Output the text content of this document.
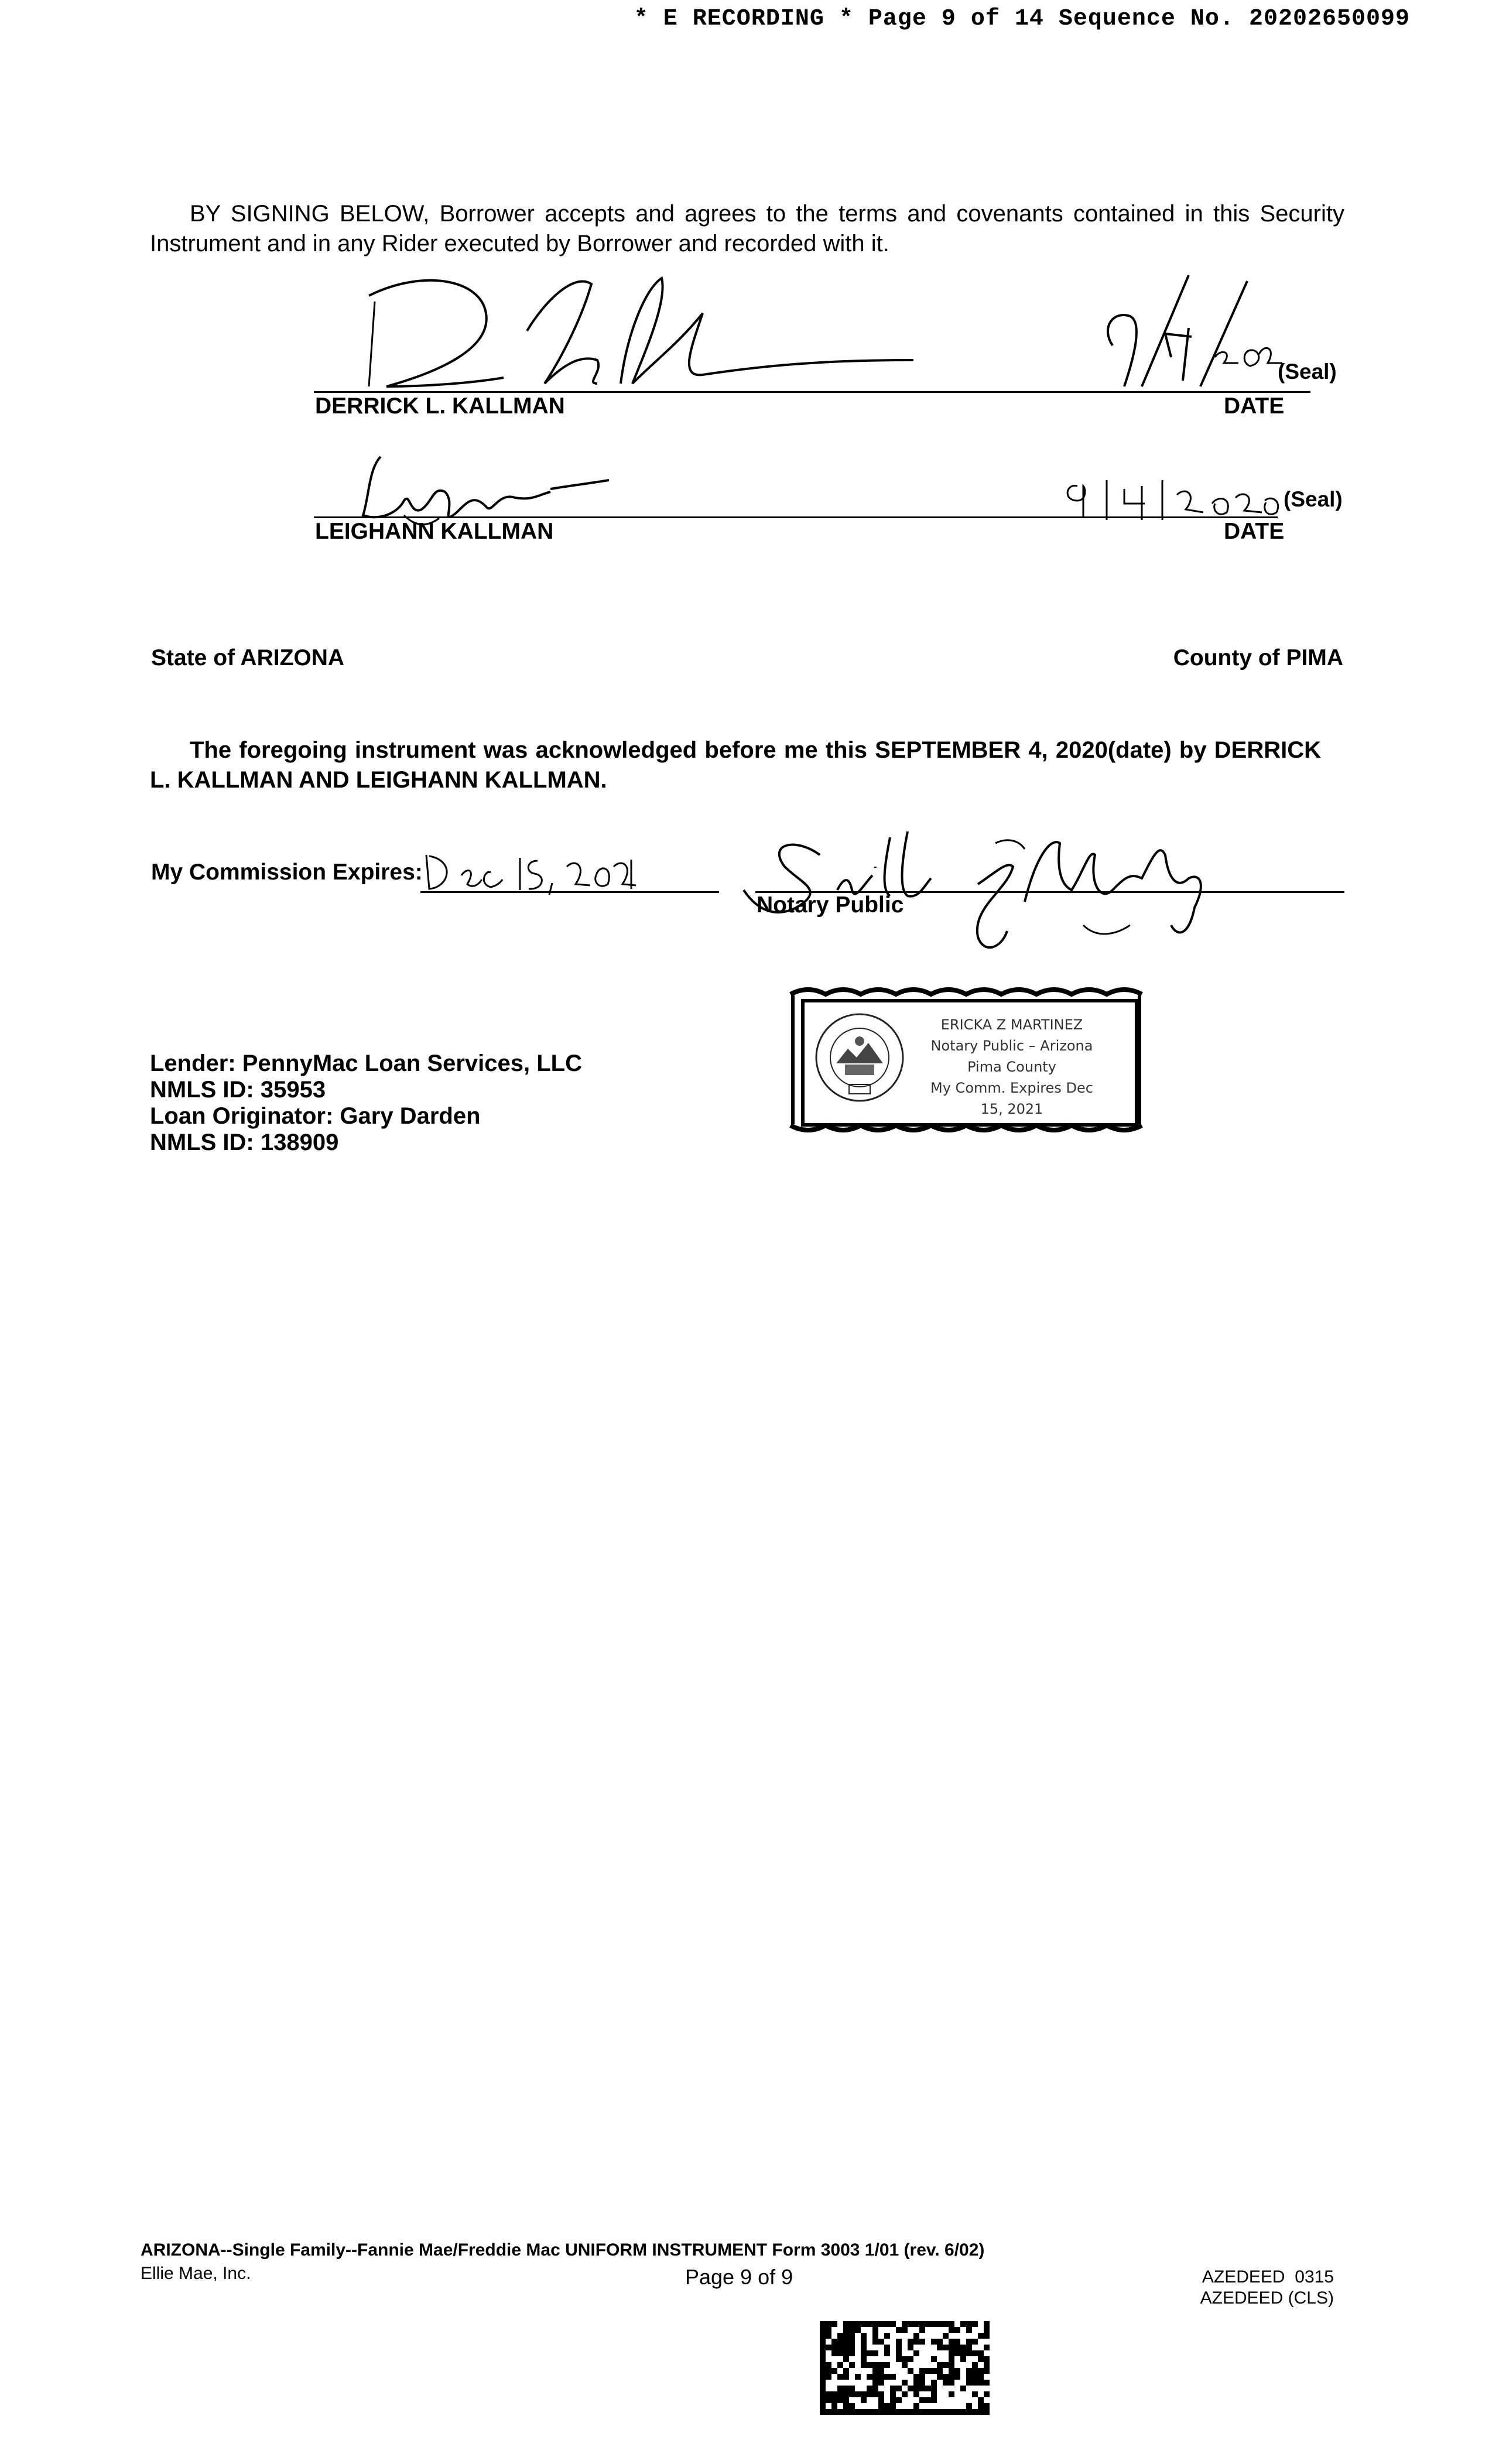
* E RECORDING * Page 9 of 14 Sequence No. 20202650099
BY SIGNING BELOW, Borrower accepts and agrees to the terms and covenants contained in this Security Instrument and in any Rider executed by Borrower and recorded with it.
(Seal)
DERRICK L. KALLMAN	DATE
(Seal)
LEIGHANN KALLMAN	DATE
State of ARIZONA	County of PIMA
The foregoing instrument was acknowledged before me this SEPTEMBER 4, 2020(date) by DERRICK L. KALLMAN AND LEIGHANN KALLMAN.
My Commission Expires:
Notary Public
ERICKA Z MARTINEZ
Notary Public – Arizona
Pima County
My Comm. Expires Dec 15, 2021
Lender: PennyMac Loan Services, LLC
NMLS ID: 35953
Loan Originator: Gary Darden
NMLS ID: 138909
ARIZONA--Single Family--Fannie Mae/Freddie Mac UNIFORM INSTRUMENT Form 3003 1/01 (rev. 6/02)
Ellie Mae, Inc.	Page 9 of 9	AZEDEED  0315
AZEDEED (CLS)
